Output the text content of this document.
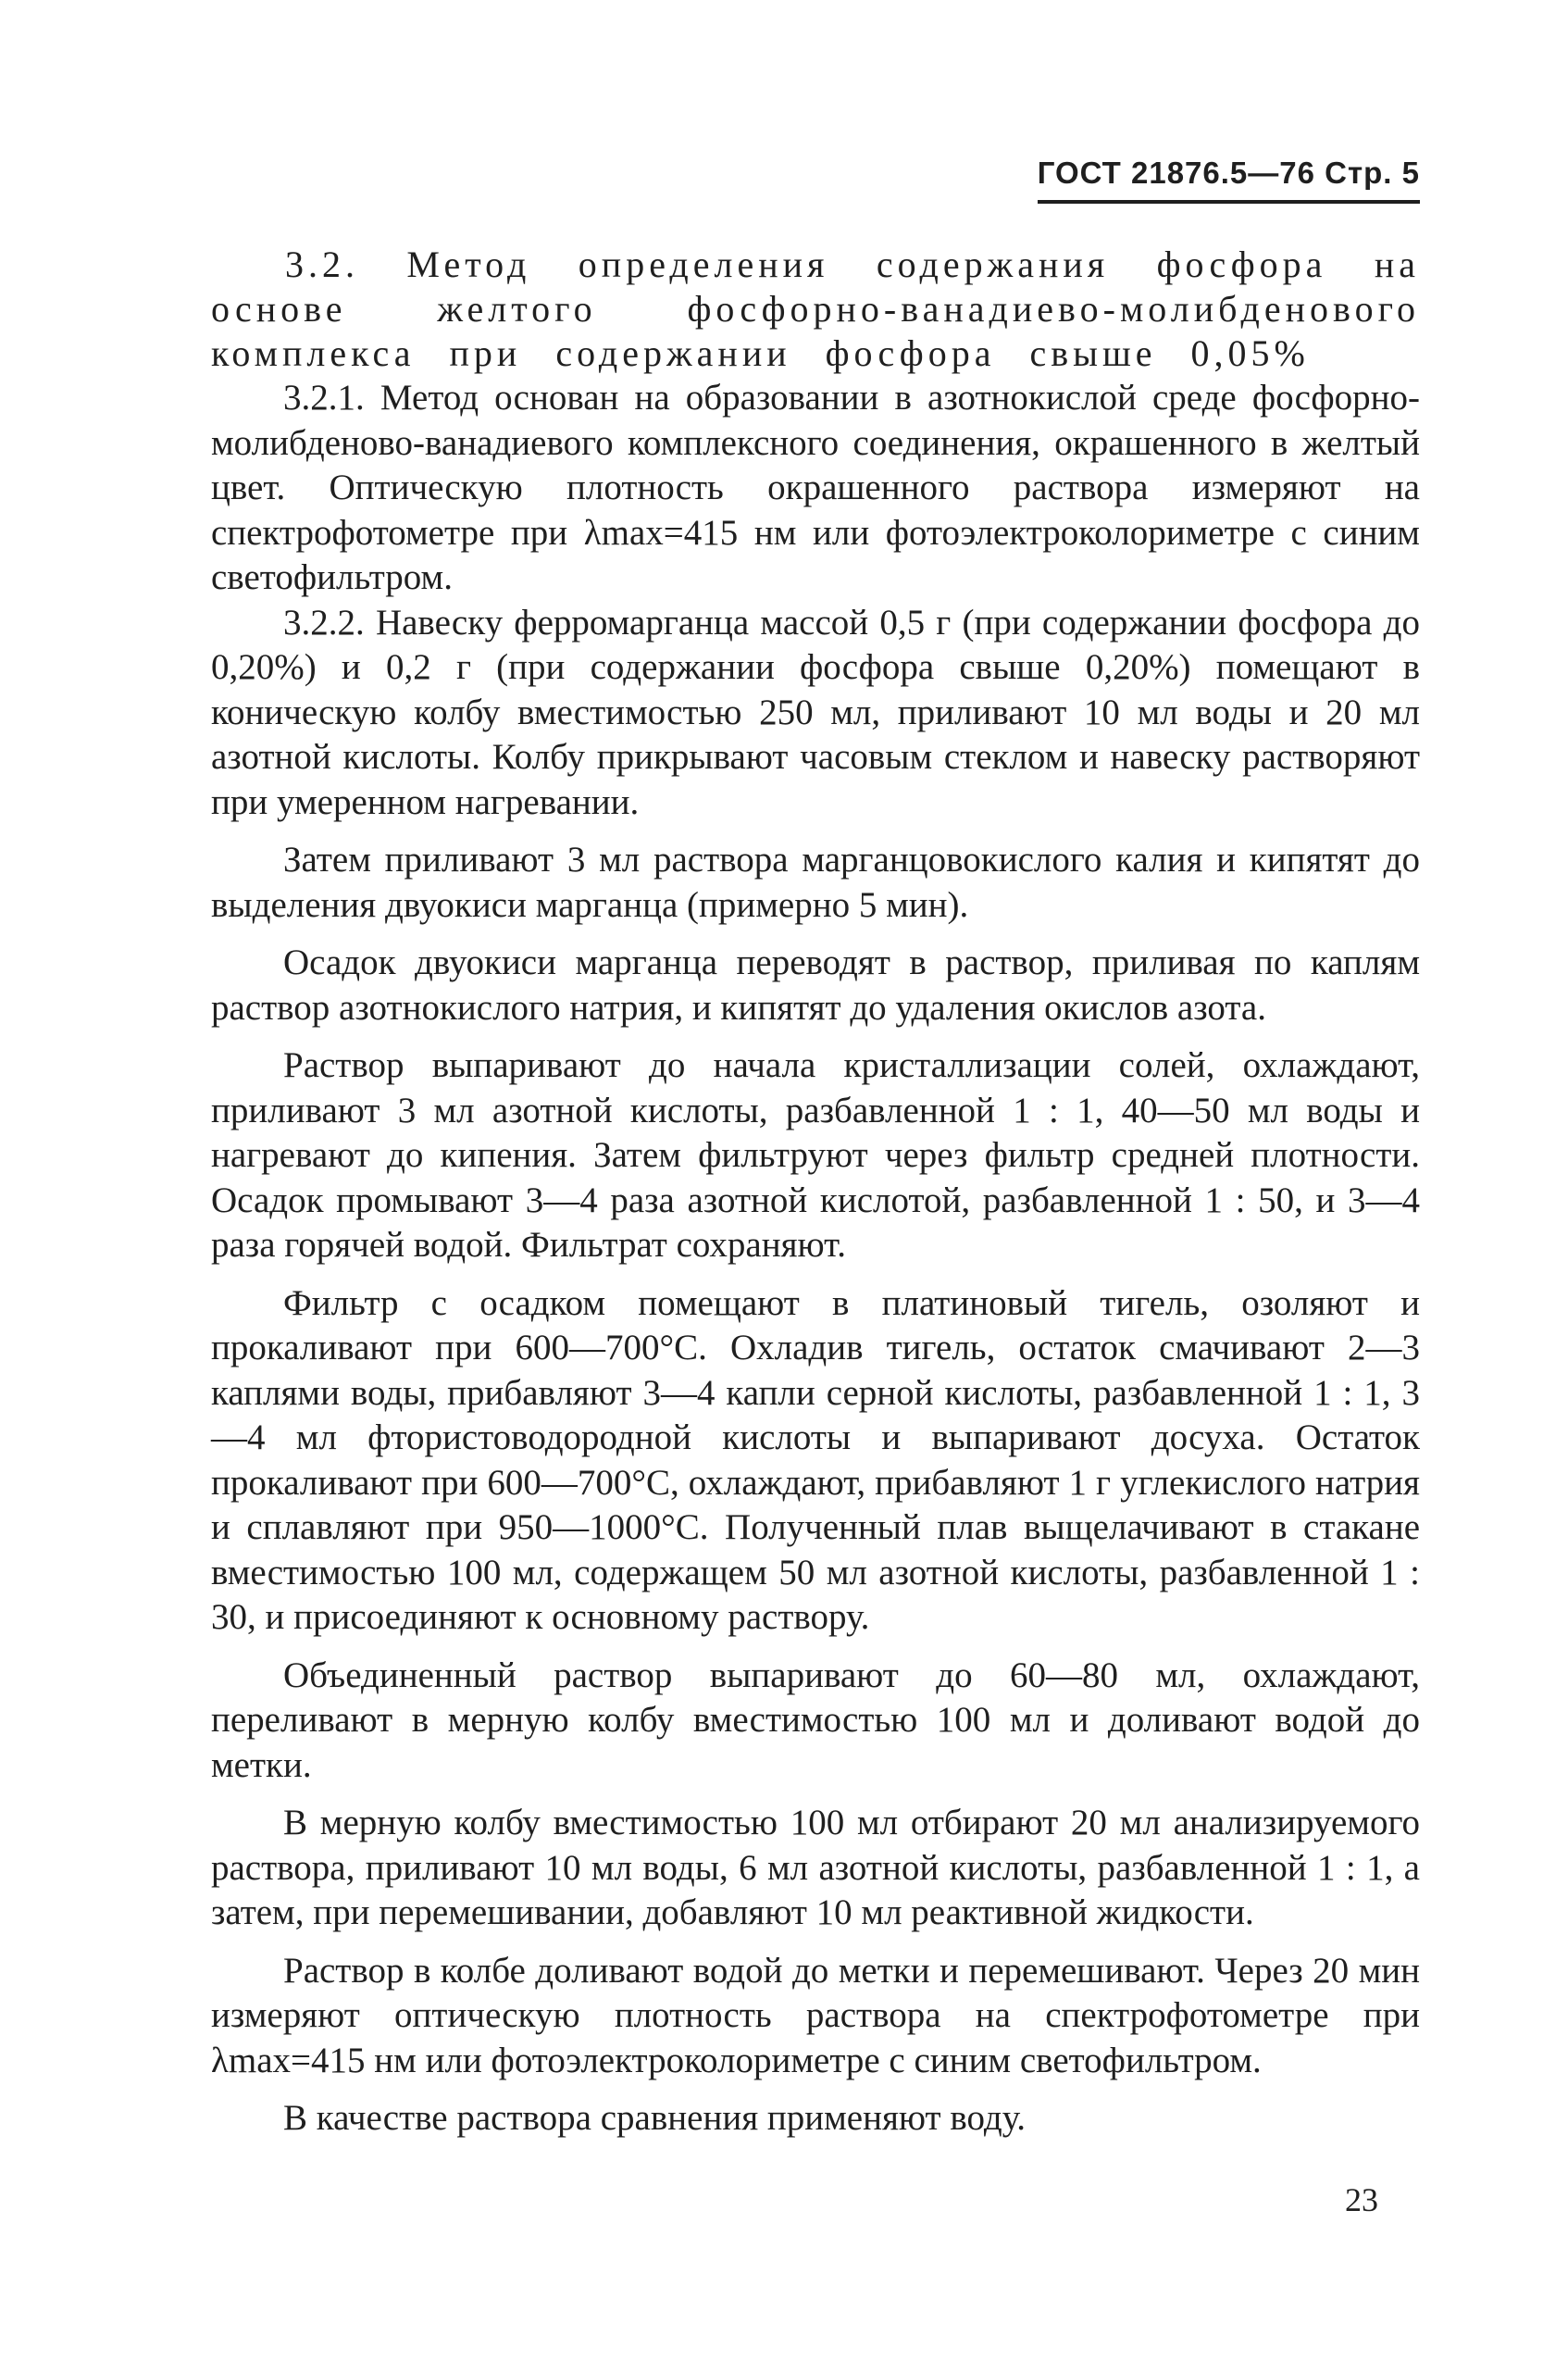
ГОСТ 21876.5—76 Стр. 5

3.2. Метод определения содержания фосфора на основе желтого фосфорно-ванадиево-молибденового комплекса при содержании фосфора свыше 0,05%

3.2.1. Метод основан на образовании в азотнокислой среде фосфорно-молибденово-ванадиевого комплексного соединения, окрашенного в желтый цвет. Оптическую плотность окрашенного раствора измеряют на спектрофотометре при λmax=415 нм или фотоэлектроколориметре с синим светофильтром.

3.2.2. Навеску ферромарганца массой 0,5 г (при содержании фосфора до 0,20%) и 0,2 г (при содержании фосфора свыше 0,20%) помещают в коническую колбу вместимостью 250 мл, приливают 10 мл воды и 20 мл азотной кислоты. Колбу прикрывают часовым стеклом и навеску растворяют при умеренном нагревании.

Затем приливают 3 мл раствора марганцовокислого калия и кипятят до выделения двуокиси марганца (примерно 5 мин).

Осадок двуокиси марганца переводят в раствор, приливая по каплям раствор азотнокислого натрия, и кипятят до удаления окислов азота.

Раствор выпаривают до начала кристаллизации солей, охлаждают, приливают 3 мл азотной кислоты, разбавленной 1 : 1, 40—50 мл воды и нагревают до кипения. Затем фильтруют через фильтр средней плотности. Осадок промывают 3—4 раза азотной кислотой, разбавленной 1 : 50, и 3—4 раза горячей водой. Фильтрат сохраняют.

Фильтр с осадком помещают в платиновый тигель, озоляют и прокаливают при 600—700°С. Охладив тигель, остаток смачивают 2—3 каплями воды, прибавляют 3—4 капли серной кислоты, разбавленной 1 : 1, 3—4 мл фтористоводородной кислоты и выпаривают досуха. Остаток прокаливают при 600—700°С, охлаждают, прибавляют 1 г углекислого натрия и сплавляют при 950—1000°С. Полученный плав выщелачивают в стакане вместимостью 100 мл, содержащем 50 мл азотной кислоты, разбавленной 1 : 30, и присоединяют к основному раствору.

Объединенный раствор выпаривают до 60—80 мл, охлаждают, переливают в мерную колбу вместимостью 100 мл и доливают водой до метки.

В мерную колбу вместимостью 100 мл отбирают 20 мл анализируемого раствора, приливают 10 мл воды, 6 мл азотной кислоты, разбавленной 1 : 1, а затем, при перемешивании, добавляют 10 мл реактивной жидкости.

Раствор в колбе доливают водой до метки и перемешивают. Через 20 мин измеряют оптическую плотность раствора на спектрофотометре при λmax=415 нм или фотоэлектроколориметре с синим светофильтром.

В качестве раствора сравнения применяют воду.

23
